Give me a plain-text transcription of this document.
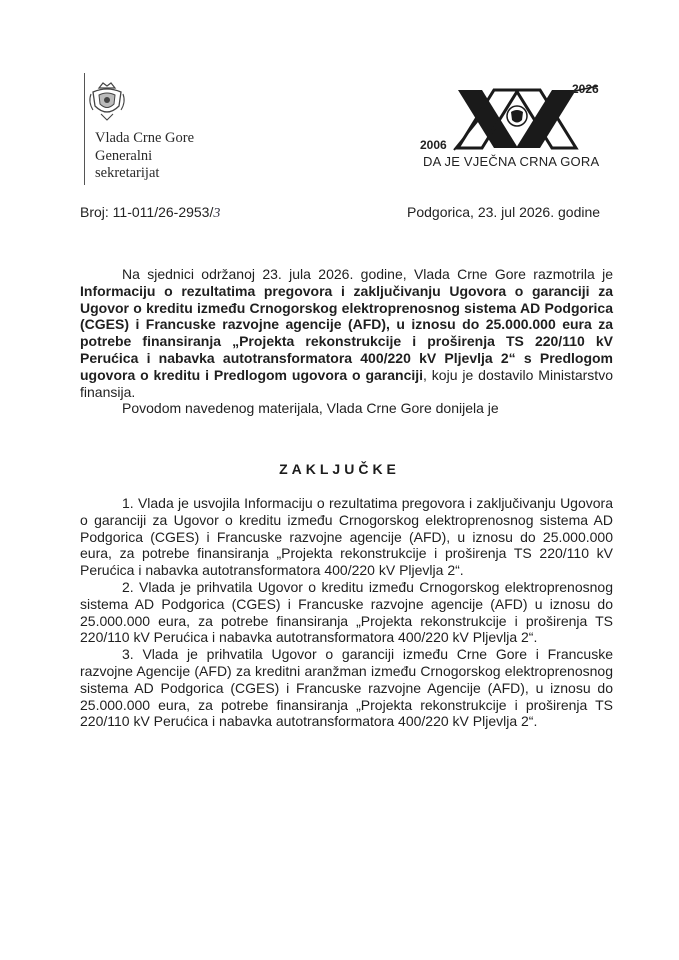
Vlada Crne Gore
Generalni
sekretarijat
2006
2026
DA JE VJEČNA CRNA GORA
Broj: 11-011/26-2953/3	Podgorica, 23. jul 2026. godine

Na sjednici održanoj 23. jula 2026. godine, Vlada Crne Gore razmotrila je Informaciju o rezultatima pregovora i zaključivanju Ugovora o garanciji za Ugovor o kreditu između Crnogorskog elektroprenosnog sistema AD Podgorica (CGES) i Francuske razvojne agencije (AFD), u iznosu do 25.000.000 eura za potrebe finansiranja „Projekta rekonstrukcije i proširenja TS 220/110 kV Perućica i nabavka autotransformatora 400/220 kV Pljevlja 2“ s Predlogom ugovora o kreditu i Predlogom ugovora o garanciji, koju je dostavilo Ministarstvo finansija.

Povodom navedenog materijala, Vlada Crne Gore donijela je

ZAKLJUČKE

1. Vlada je usvojila Informaciju o rezultatima pregovora i zaključivanju Ugovora o garanciji za Ugovor o kreditu između Crnogorskog elektroprenosnog sistema AD Podgorica (CGES) i Francuske razvojne agencije (AFD), u iznosu do 25.000.000 eura, za potrebe finansiranja „Projekta rekonstrukcije i proširenja TS 220/110 kV Perućica i nabavka autotransformatora 400/220 kV Pljevlja 2“.

2. Vlada je prihvatila Ugovor o kreditu između Crnogorskog elektroprenosnog sistema AD Podgorica (CGES) i Francuske razvojne agencije (AFD) u iznosu do 25.000.000 eura, za potrebe finansiranja „Projekta rekonstrukcije i proširenja TS 220/110 kV Perućica i nabavka autotransformatora 400/220 kV Pljevlja 2“.

3. Vlada je prihvatila Ugovor o garanciji između Crne Gore i Francuske razvojne Agencije (AFD) za kreditni aranžman između Crnogorskog elektroprenosnog sistema AD Podgorica (CGES) i Francuske razvojne Agencije (AFD), u iznosu do 25.000.000 eura, za potrebe finansiranja „Projekta rekonstrukcije i proširenja TS 220/110 kV Perućica i nabavka autotransformatora 400/220 kV Pljevlja 2“.
